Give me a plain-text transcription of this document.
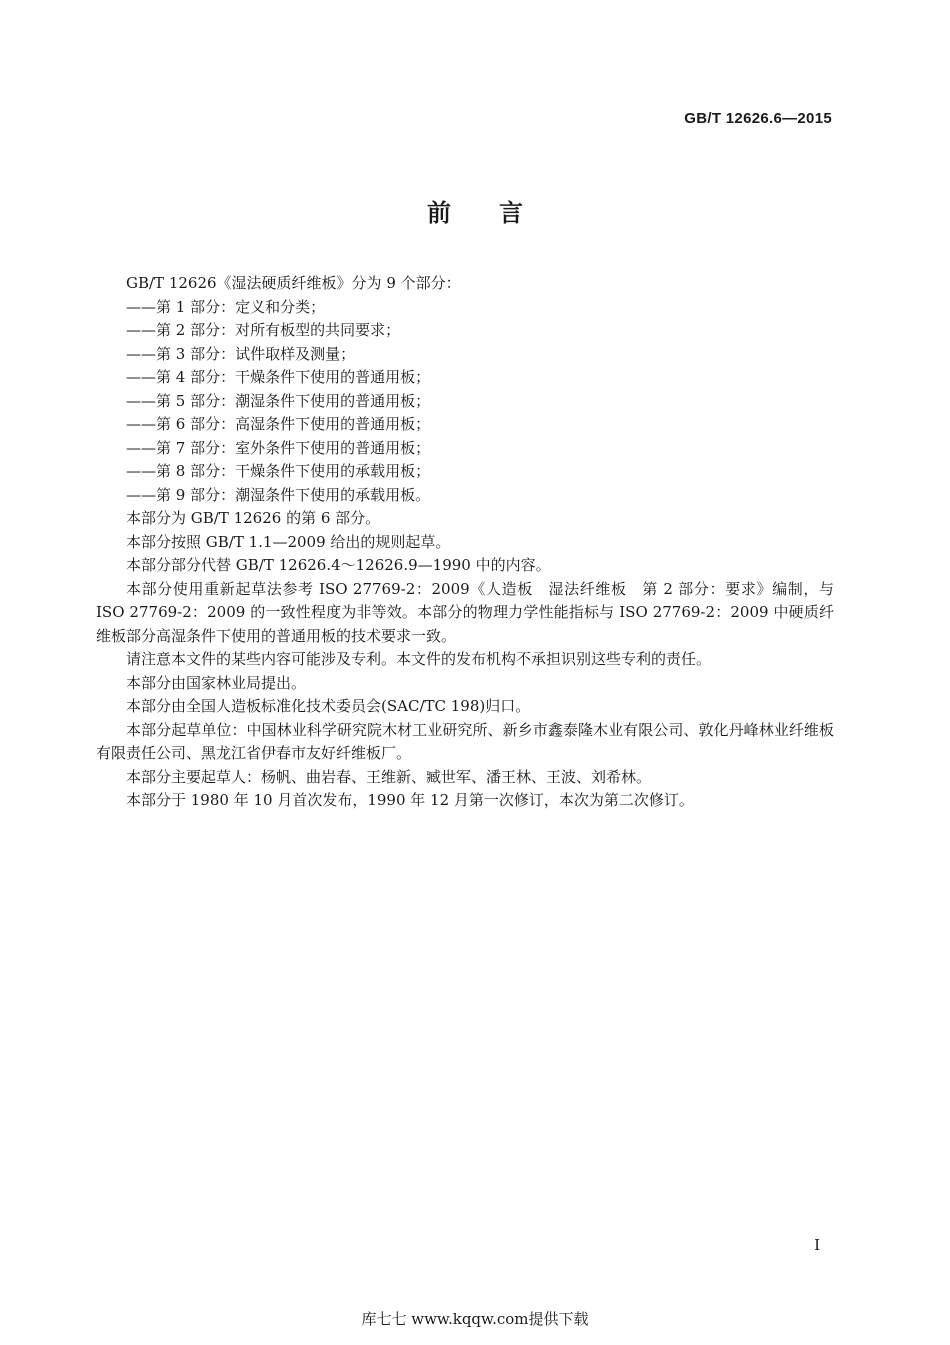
GB/T 12626.6—2015
前言

GB/T 12626《湿法硬质纤维板》分为 9 个部分：

——第 1 部分：定义和分类；

——第 2 部分：对所有板型的共同要求；

——第 3 部分：试件取样及测量；

——第 4 部分：干燥条件下使用的普通用板；

——第 5 部分：潮湿条件下使用的普通用板；

——第 6 部分：高湿条件下使用的普通用板；

——第 7 部分：室外条件下使用的普通用板；

——第 8 部分：干燥条件下使用的承载用板；

——第 9 部分：潮湿条件下使用的承载用板。

本部分为 GB/T 12626 的第 6 部分。

本部分按照 GB/T 1.1—2009 给出的规则起草。

本部分部分代替 GB/T 12626.4～12626.9—1990 中的内容。

本部分使用重新起草法参考 ISO 27769-2：2009《人造板　湿法纤维板　第 2 部分：要求》编制，与 ISO 27769-2：2009 的一致性程度为非等效。本部分的物理力学性能指标与 ISO 27769-2：2009 中硬质纤维板部分高湿条件下使用的普通用板的技术要求一致。

请注意本文件的某些内容可能涉及专利。本文件的发布机构不承担识别这些专利的责任。

本部分由国家林业局提出。

本部分由全国人造板标准化技术委员会(SAC/TC 198)归口。

本部分起草单位：中国林业科学研究院木材工业研究所、新乡市鑫泰隆木业有限公司、敦化丹峰林业纤维板有限责任公司、黑龙江省伊春市友好纤维板厂。

本部分主要起草人：杨帆、曲岩春、王维新、臧世军、潘王林、王波、刘希林。

本部分于 1980 年 10 月首次发布，1990 年 12 月第一次修订，本次为第二次修订。

I
库七七 www.kqqw.com提供下载
